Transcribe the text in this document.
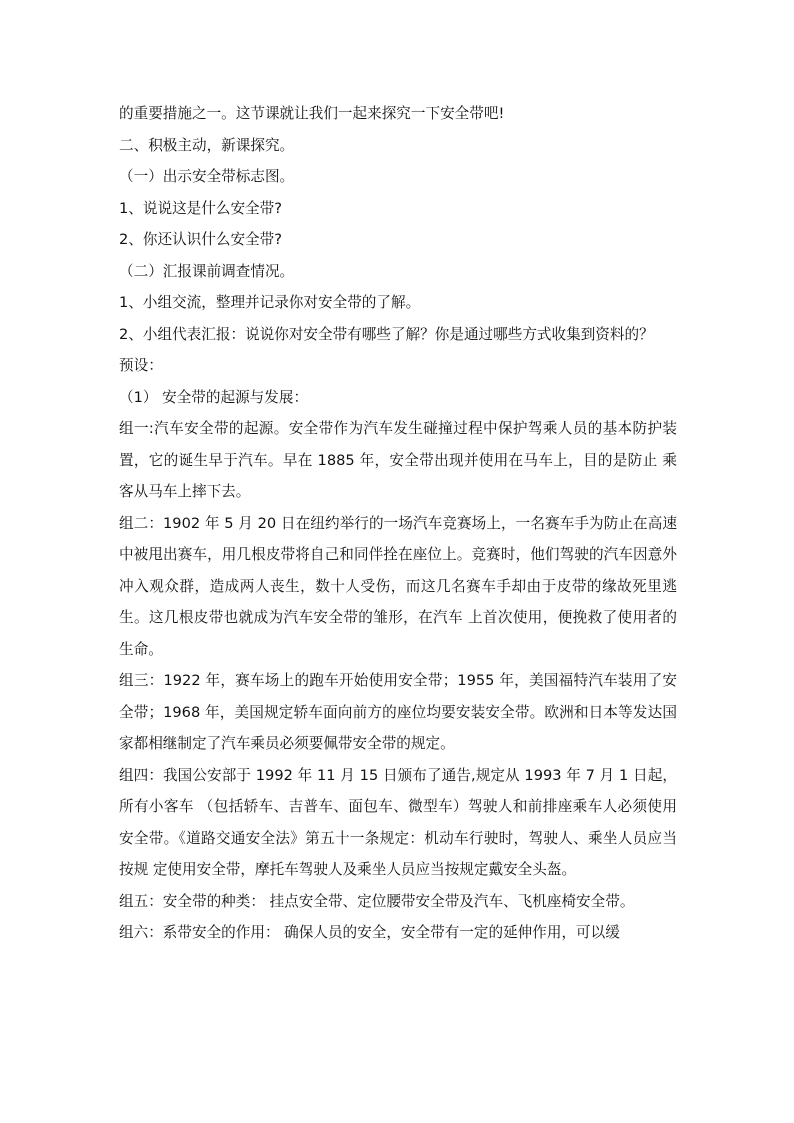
的重要措施之一。这节课就让我们一起来探究一下安全带吧!

二、积极主动，新课探究。

（一）出示安全带标志图。

1、说说这是什么安全带?

2、你还认识什么安全带?

（二）汇报课前调查情况。

1、小组交流，整理并记录你对安全带的了解。

2、小组代表汇报：说说你对安全带有哪些了解？你是通过哪些方式收集到资料的？

预设：

（1） 安全带的起源与发展：

组一:汽车安全带的起源。安全带作为汽车发生碰撞过程中保护驾乘人员的基本防护装置，它的诞生早于汽车。早在 1885 年，安全带出现并使用在马车上，目的是防止 乘客从马车上摔下去。

组二：1902 年 5 月 20 日在纽约举行的一场汽车竞赛场上，一名赛车手为防止在高速中被甩出赛车，用几根皮带将自己和同伴拴在座位上。竞赛时，他们驾驶的汽车因意外冲入观众群，造成两人丧生，数十人受伤，而这几名赛车手却由于皮带的缘故死里逃生。这几根皮带也就成为汽车安全带的雏形，在汽车 上首次使用，便挽救了使用者的生命。

组三：1922 年，赛车场上的跑车开始使用安全带；1955 年，美国福特汽车装用了安全带；1968 年，美国规定轿车面向前方的座位均要安装安全带。欧洲和日本等发达国家都相继制定了汽车乘员必须要佩带安全带的规定。

组四：我国公安部于 1992 年 11 月 15 日颁布了通告,规定从 1993 年 7 月 1 日起，所有小客车 （包括轿车、吉普车、面包车、微型车）驾驶人和前排座乘车人必须使用安全带。《道路交通安全法》第五十一条规定：机动车行驶时，驾驶人、乘坐人员应当按规 定使用安全带，摩托车驾驶人及乘坐人员应当按规定戴安全头盔。

组五：安全带的种类： 挂点安全带、定位腰带安全带及汽车、飞机座椅安全带。

组六：系带安全的作用： 确保人员的安全，安全带有一定的延伸作用，可以缓
